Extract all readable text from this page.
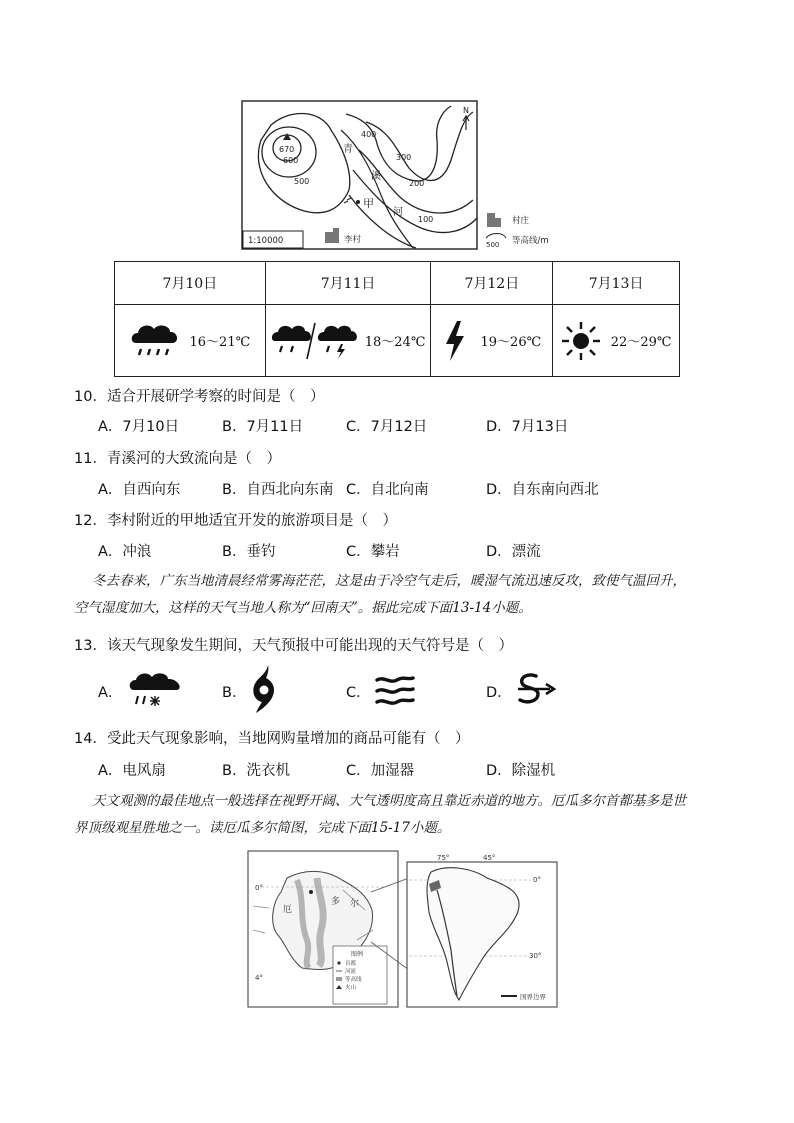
670
600
500
400
300
200
100
青
溪
河
甲
N
1:10000	李村
村庄
500 等高线/m
7月10日	7月11日	7月12日	7月13日

16～21℃	18～24℃	19～26℃	22～29℃
10．适合开展研学考察的时间是（　）
A．7月10日	B．7月11日	C．7月12日	D．7月13日
11．青溪河的大致流向是（　）
A．自西向东	B．自西北向东南 C．自北向南	D．自东南向西北
12．李村附近的甲地适宜开发的旅游项目是（　）
A．冲浪	B．垂钓	C．攀岩	D．漂流
冬去春来，广东当地清晨经常雾海茫茫，这是由于冷空气走后，暖湿气流迅速反攻，致使气温回升，
空气湿度加大，这样的天气当地人称为“回南天”。据此完成下面13-14小题。
13．该天气现象发生期间，天气预报中可能出现的天气符号是（　）
A．	B．	C．	D．
14．受此天气现象影响，当地网购量增加的商品可能有（　）
A．电风扇	B．洗衣机	C．加湿器	D．除湿机
天文观测的最佳地点一般选择在视野开阔、大气透明度高且靠近赤道的地方。厄瓜多尔首都基多是世
界顶级观星胜地之一。读厄瓜多尔简图，完成下面15-17小题。
0°
4°
厄
多 尔
图例
首都
河流
等高线
火山
75°	45°
0°
30°
国界边界
